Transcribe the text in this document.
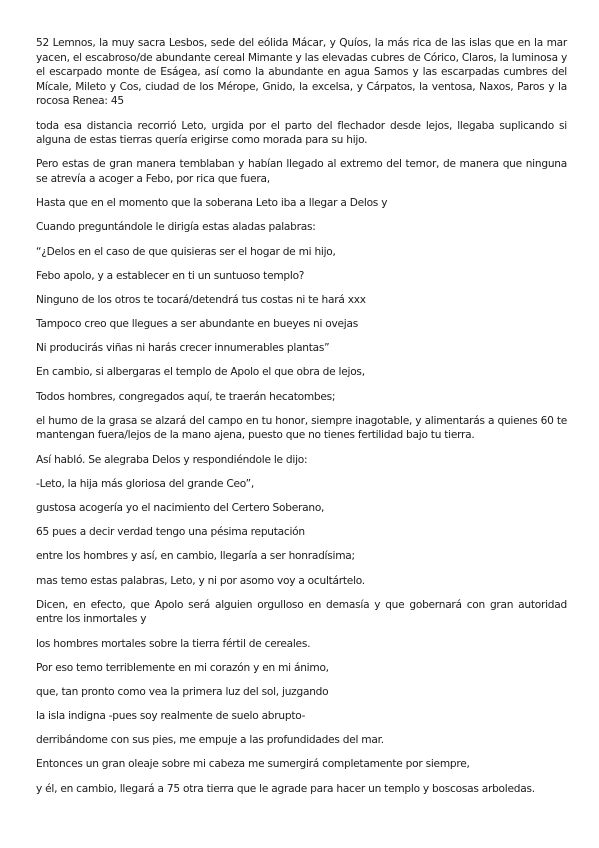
52 Lemnos, la muy sacra Lesbos, sede del eólida Mácar, y Quíos, la más rica de las islas que en la mar yacen, el escabroso/de abundante cereal Mimante y las elevadas cubres de Córico, Claros, la luminosa y el escarpado monte de Eságea, así como la abundante en agua Samos y las escarpadas cumbres del Mícale, Mileto y Cos, ciudad de los Mérope, Gnido, la excelsa, y Cárpatos, la ventosa, Naxos, Paros y la rocosa Renea: 45

toda esa distancia recorrió Leto, urgida por el parto del flechador desde lejos, llegaba suplicando si alguna de estas tierras quería erigirse como morada para su hijo.

Pero estas de gran manera temblaban y habían llegado al extremo del temor, de manera que ninguna se atrevía a acoger a Febo, por rica que fuera,

Hasta que en el momento que la soberana Leto iba a llegar a Delos y

Cuando preguntándole le dirigía estas aladas palabras:

“¿Delos en el caso de que quisieras ser el hogar de mi hijo,

Febo apolo, y a establecer en ti un suntuoso templo?

Ninguno de los otros te tocará/detendrá tus costas ni te hará xxx

Tampoco creo que llegues a ser abundante en bueyes ni ovejas

Ni producirás viñas ni harás crecer innumerables plantas”

En cambio, si albergaras el templo de Apolo el que obra de lejos,

Todos hombres, congregados aquí, te traerán hecatombes;

el humo de la grasa se alzará del campo en tu honor, siempre inagotable, y alimentarás a quienes 60 te mantengan fuera/lejos de la mano ajena, puesto que no tienes fertilidad bajo tu tierra.

Así habló. Se alegraba Delos y respondiéndole le dijo:

-Leto, la hija más gloriosa del grande Ceo”,

gustosa acogería yo el nacimiento del Certero Soberano,

65 pues a decir verdad tengo una pésima reputación

entre los hombres y así, en cambio, llegaría a ser honradísima;

mas temo estas palabras, Leto, y ni por asomo voy a ocultártelo.

Dicen, en efecto, que Apolo será alguien orgulloso en demasía y que gobernará con gran autoridad entre los inmortales y

los hombres mortales sobre la tierra fértil de cereales.

Por eso temo terriblemente en mi corazón y en mi ánimo,

que, tan pronto como vea la primera luz del sol, juzgando

la isla indigna -pues soy realmente de suelo abrupto-

derribándome con sus pies, me empuje a las profundidades del mar.

Entonces un gran oleaje sobre mi cabeza me sumergirá completamente por siempre,

y él, en cambio, llegará a 75 otra tierra que le agrade para hacer un templo y boscosas arboledas.
